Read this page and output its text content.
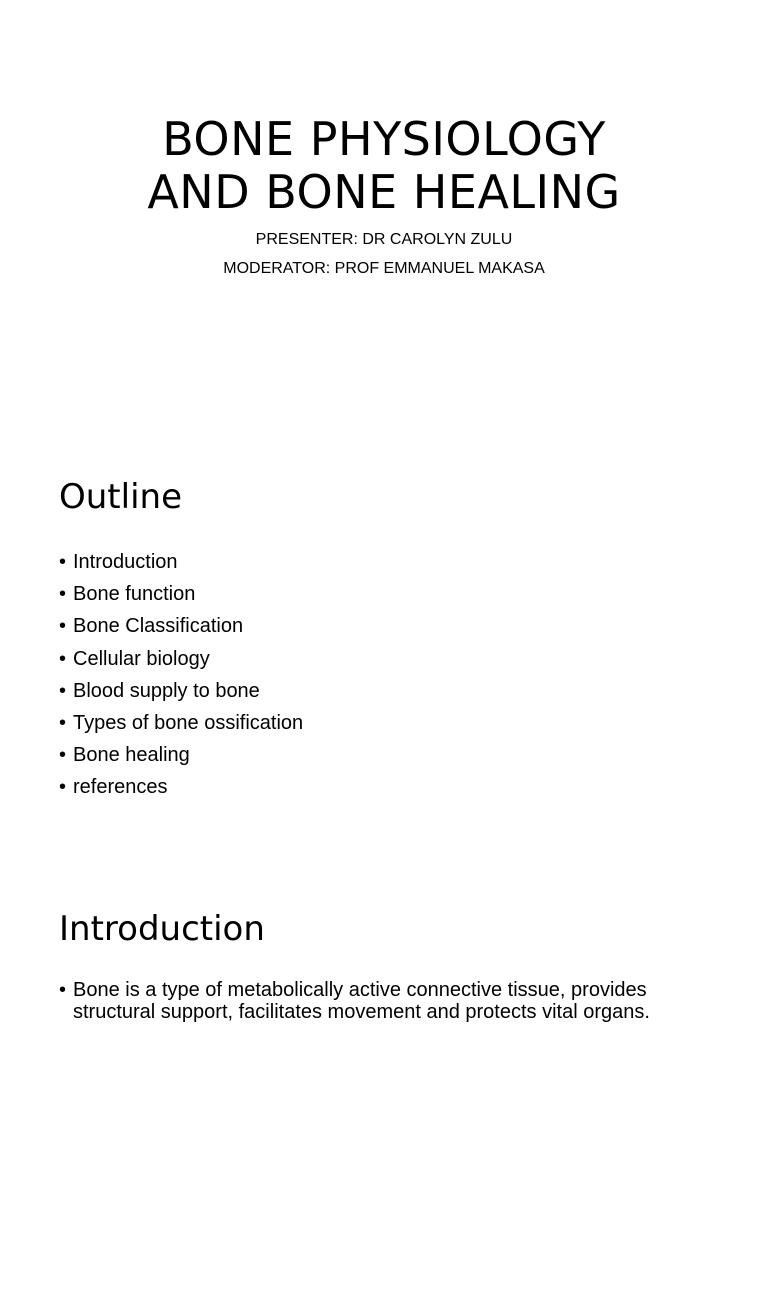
BONE PHYSIOLOGY
AND BONE HEALING
PRESENTER: DR CAROLYN ZULU
MODERATOR: PROF EMMANUEL MAKASA
Outline
• Introduction
• Bone function
• Bone Classification
• Cellular biology
• Blood supply to bone
• Types of bone ossification
• Bone healing
• references
Introduction
• Bone is a type of metabolically active connective tissue, provides structural support, facilitates movement and protects vital organs.
